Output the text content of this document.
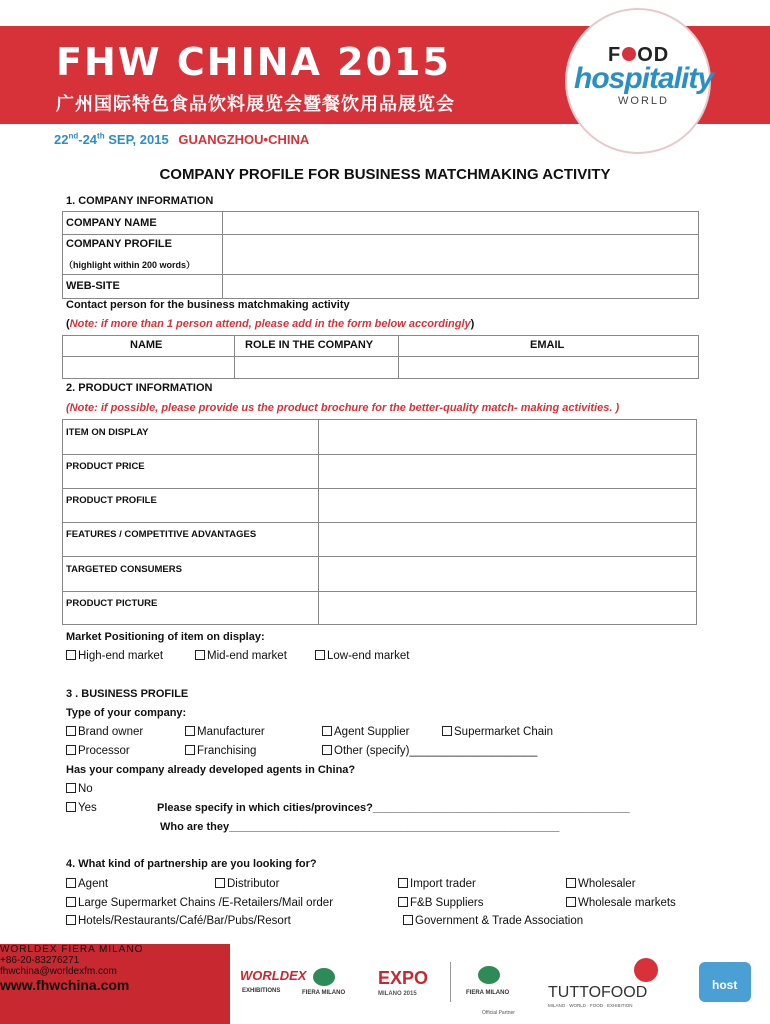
FHW CHINA 2015
广州国际特色食品饮料展览会暨餐饮用品展览会
F OD
hospitality
WORLD
22nd-24th SEP, 2015 GUANGZHOU•CHINA
COMPANY PROFILE FOR BUSINESS MATCHMAKING ACTIVITY
1. COMPANY INFORMATION
COMPANY NAME
COMPANY PROFILE
（highlight within 200 words）
WEB-SITE
Contact person for the business matchmaking activity
(Note: if more than 1 person attend, please add in the form below accordingly)
NAME	ROLE IN THE COMPANY	EMAIL
2. PRODUCT INFORMATION
(Note: if possible, please provide us the product brochure for the better-quality match- making activities. )
ITEM ON DISPLAY
PRODUCT PRICE
PRODUCT PROFILE
FEATURES / COMPETITIVE ADVANTAGES
TARGETED CONSUMERS
PRODUCT PICTURE
Market Positioning of item on display:
High-end market	Mid-end market	Low-end market
3 . BUSINESS PROFILE
Type of your company:
Brand owner	Manufacturer	Agent Supplier	Supermarket Chain
Processor	Franchising	Other (specify)____________________
Has your company already developed agents in China?
No
Yes	Please specify in which cities/provinces?__________________________________________
Who are they______________________________________________________
4. What kind of partnership are you looking for?
Agent	Distributor	Import trader	Wholesaler
Large Supermarket Chains /E-Retailers/Mail order	F&B Suppliers	Wholesale markets
Hotels/Restaurants/Café/Bar/Pubs/Resort	Government & Trade Association
WORLDEX FIERA MILANO
+86-20-83276271
fhwchina@worldexfm.com
www.fhwchina.com
WORLDEX
EXHIBITIONS	FIERA MILANO
EXPO
MILANO 2015	FIERA MILANO
Official Partner
TUTTOFOOD
MILANO · WORLD · FOOD · EXHIBITION
host
